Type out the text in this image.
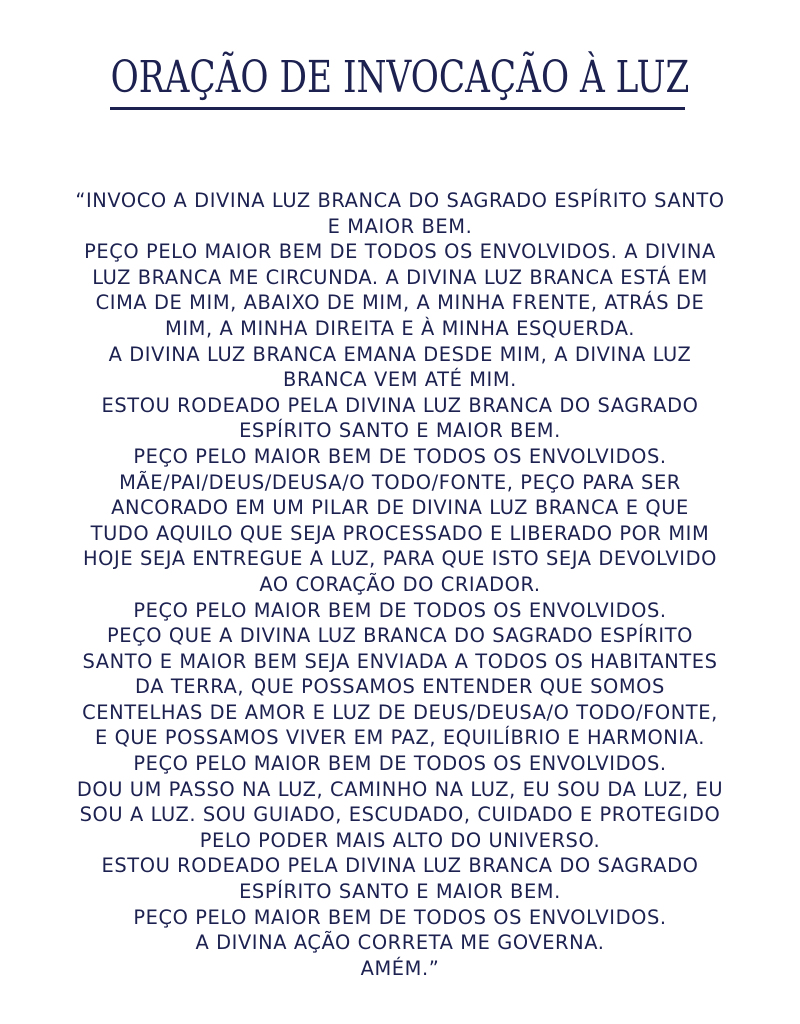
ORAÇÃO DE INVOCAÇÃO À LUZ
“INVOCO A DIVINA LUZ BRANCA DO SAGRADO ESPÍRITO SANTO
E MAIOR BEM.
PEÇO PELO MAIOR BEM DE TODOS OS ENVOLVIDOS. A DIVINA
LUZ BRANCA ME CIRCUNDA. A DIVINA LUZ BRANCA ESTÁ EM
CIMA DE MIM, ABAIXO DE MIM, A MINHA FRENTE, ATRÁS DE
MIM, A MINHA DIREITA E À MINHA ESQUERDA.
A DIVINA LUZ BRANCA EMANA DESDE MIM, A DIVINA LUZ
BRANCA VEM ATÉ MIM.
ESTOU RODEADO PELA DIVINA LUZ BRANCA DO SAGRADO
ESPÍRITO SANTO E MAIOR BEM.
PEÇO PELO MAIOR BEM DE TODOS OS ENVOLVIDOS.
MÃE/PAI/DEUS/DEUSA/O TODO/FONTE, PEÇO PARA SER
ANCORADO EM UM PILAR DE DIVINA LUZ BRANCA E QUE
TUDO AQUILO QUE SEJA PROCESSADO E LIBERADO POR MIM
HOJE SEJA ENTREGUE A LUZ, PARA QUE ISTO SEJA DEVOLVIDO
AO CORAÇÃO DO CRIADOR.
PEÇO PELO MAIOR BEM DE TODOS OS ENVOLVIDOS.
PEÇO QUE A DIVINA LUZ BRANCA DO SAGRADO ESPÍRITO
SANTO E MAIOR BEM SEJA ENVIADA A TODOS OS HABITANTES
DA TERRA, QUE POSSAMOS ENTENDER QUE SOMOS
CENTELHAS DE AMOR E LUZ DE DEUS/DEUSA/O TODO/FONTE,
E QUE POSSAMOS VIVER EM PAZ, EQUILÍBRIO E HARMONIA.
PEÇO PELO MAIOR BEM DE TODOS OS ENVOLVIDOS.
DOU UM PASSO NA LUZ, CAMINHO NA LUZ, EU SOU DA LUZ, EU
SOU A LUZ. SOU GUIADO, ESCUDADO, CUIDADO E PROTEGIDO
PELO PODER MAIS ALTO DO UNIVERSO.
ESTOU RODEADO PELA DIVINA LUZ BRANCA DO SAGRADO
ESPÍRITO SANTO E MAIOR BEM.
PEÇO PELO MAIOR BEM DE TODOS OS ENVOLVIDOS.
A DIVINA AÇÃO CORRETA ME GOVERNA.
AMÉM.”
